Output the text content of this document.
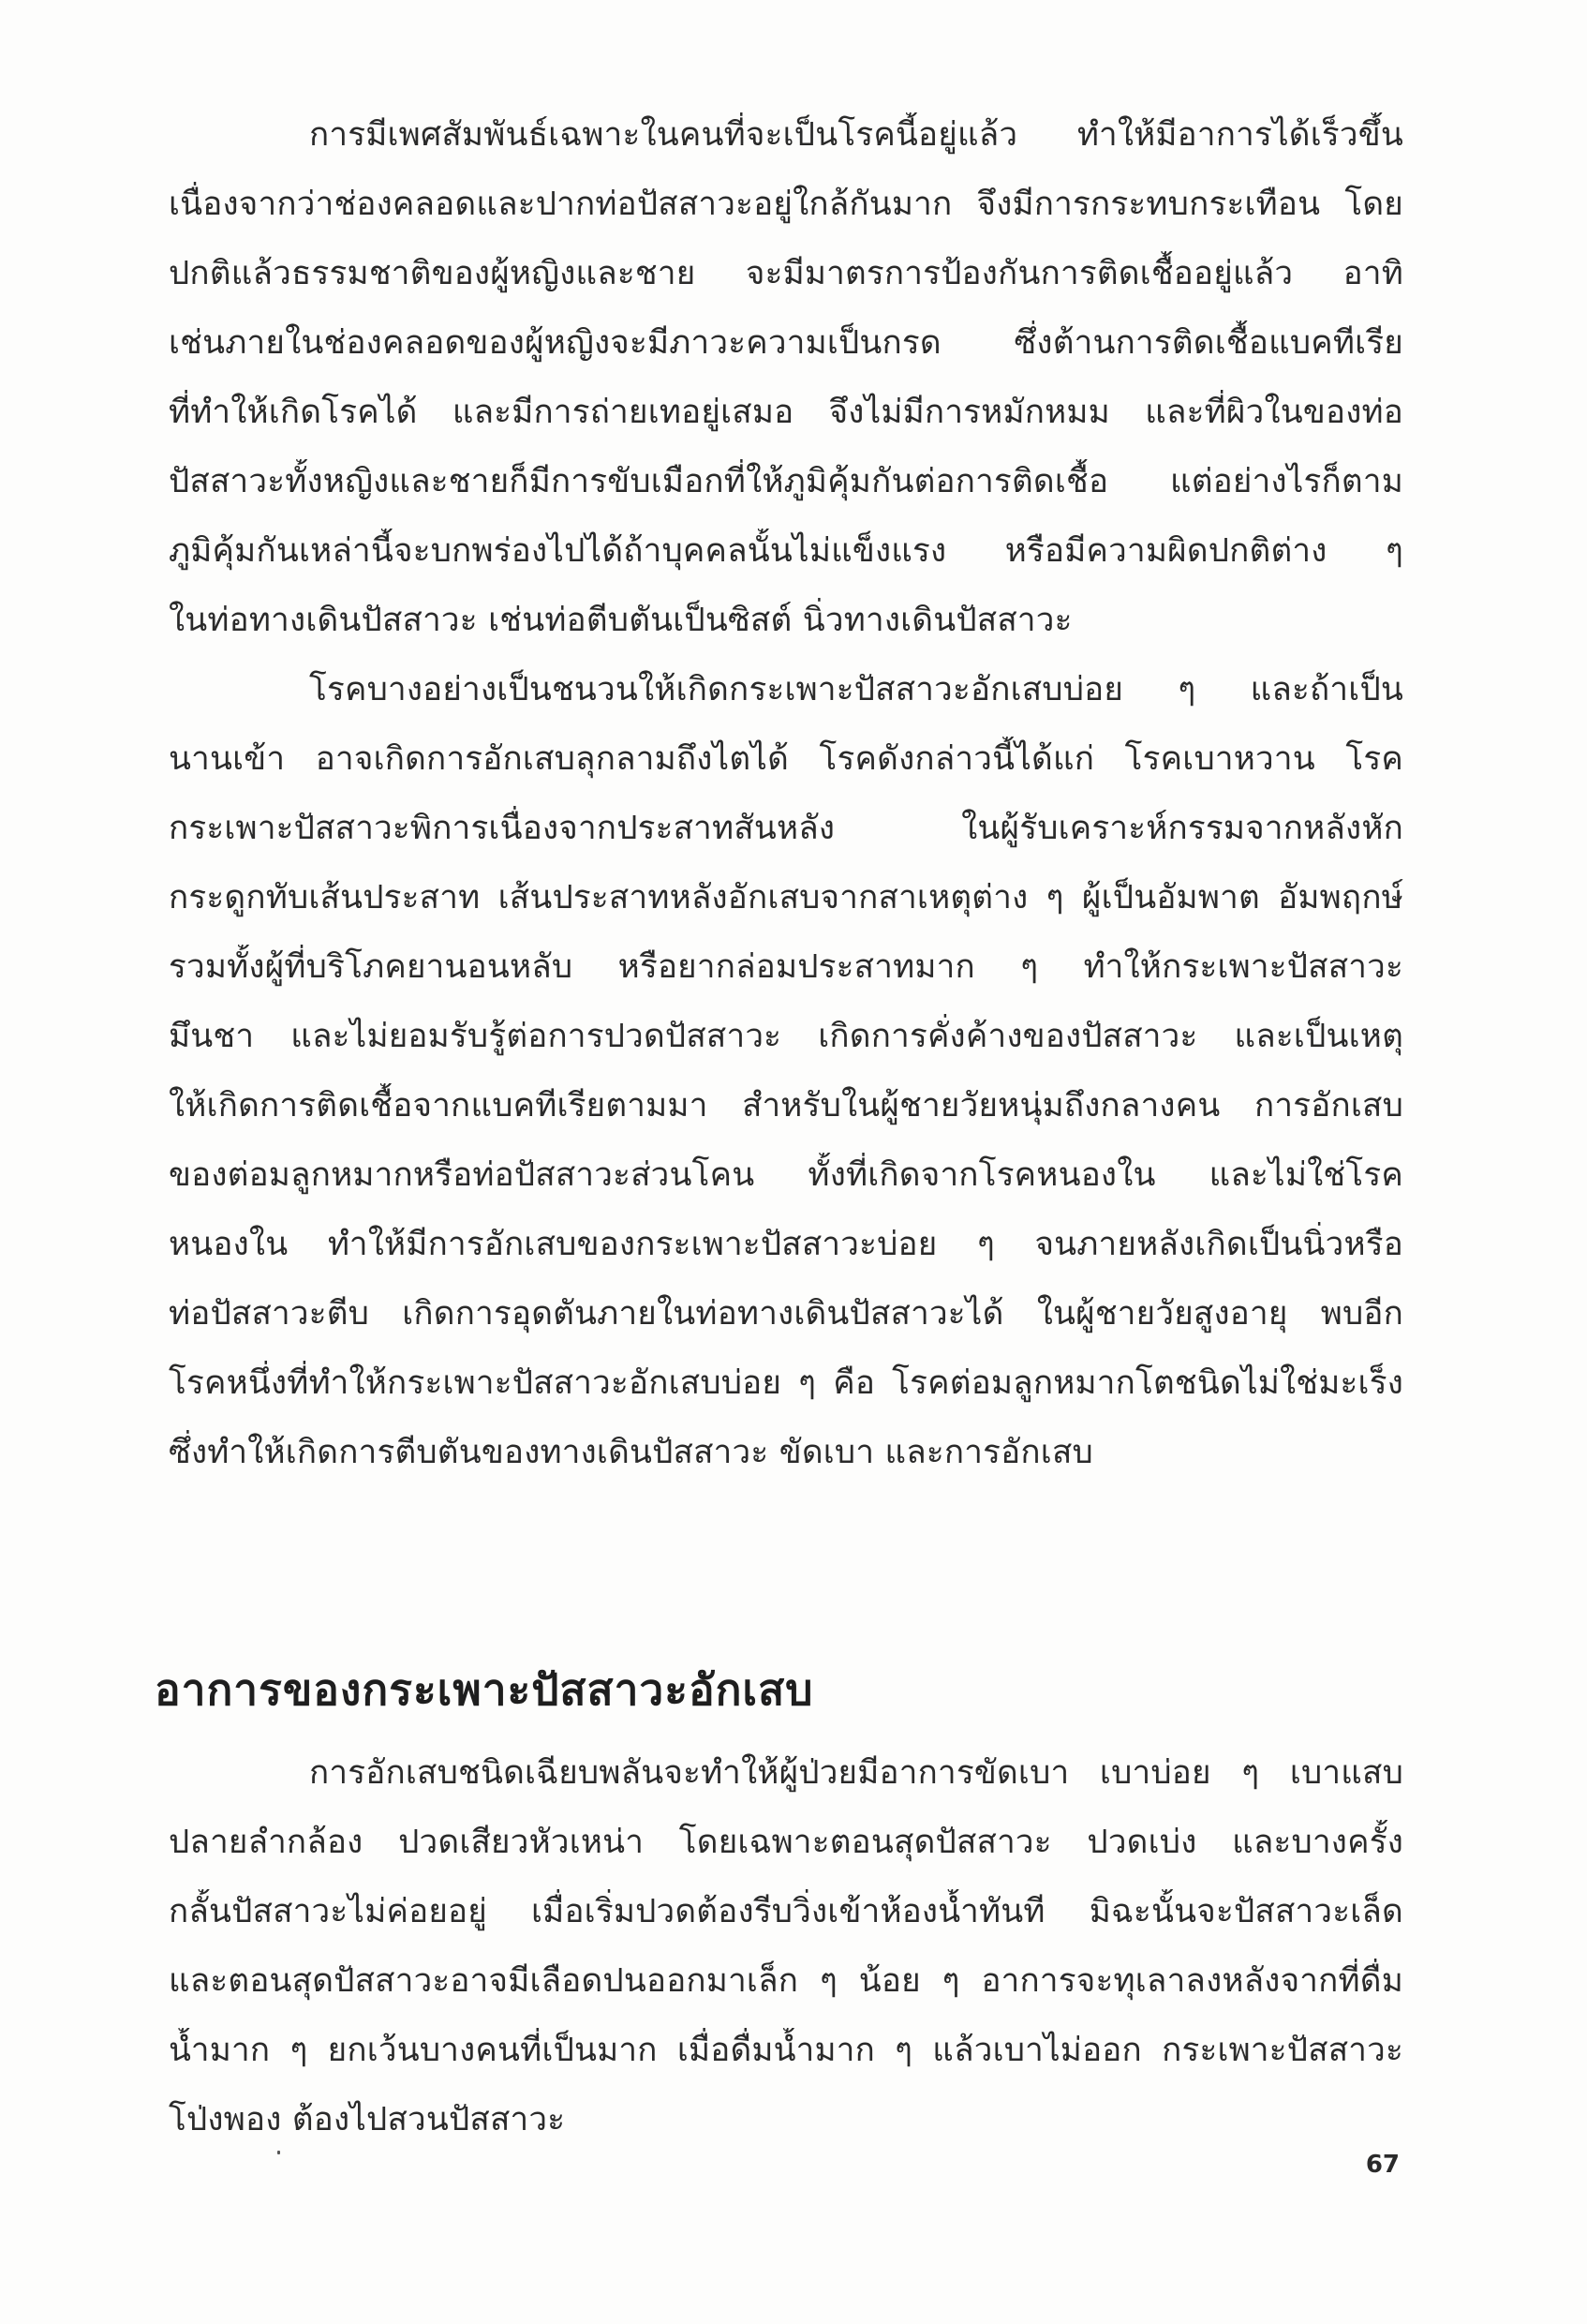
การมีเพศสัมพันธ์เฉพาะในคนที่จะเป็นโรคนี้อยู่แล้ว ทำให้มีอาการได้เร็วขึ้น
เนื่องจากว่าช่องคลอดและปากท่อปัสสาวะอยู่ใกล้กันมาก จึงมีการกระทบกระเทือน โดย
ปกติแล้วธรรมชาติของผู้หญิงและชาย จะมีมาตรการป้องกันการติดเชื้ออยู่แล้ว อาทิ
เช่นภายในช่องคลอดของผู้หญิงจะมีภาวะความเป็นกรด ซึ่งต้านการติดเชื้อแบคทีเรีย
ที่ทำให้เกิดโรคได้ และมีการถ่ายเทอยู่เสมอ จึงไม่มีการหมักหมม และที่ผิวในของท่อ
ปัสสาวะทั้งหญิงและชายก็มีการขับเมือกที่ให้ภูมิคุ้มกันต่อการติดเชื้อ แต่อย่างไรก็ตาม
ภูมิคุ้มกันเหล่านี้จะบกพร่องไปได้ถ้าบุคคลนั้นไม่แข็งแรง หรือมีความผิดปกติต่าง ๆ
ในท่อทางเดินปัสสาวะ เช่นท่อตีบตันเป็นซิสต์ นิ่วทางเดินปัสสาวะ
โรคบางอย่างเป็นชนวนให้เกิดกระเพาะปัสสาวะอักเสบบ่อย ๆ และถ้าเป็น
นานเข้า อาจเกิดการอักเสบลุกลามถึงไตได้ โรคดังกล่าวนี้ได้แก่ โรคเบาหวาน โรค
กระเพาะปัสสาวะพิการเนื่องจากประสาทสันหลัง ในผู้รับเคราะห์กรรมจากหลังหัก
กระดูกทับเส้นประสาท เส้นประสาทหลังอักเสบจากสาเหตุต่าง ๆ ผู้เป็นอัมพาต อัมพฤกษ์
รวมทั้งผู้ที่บริโภคยานอนหลับ หรือยากล่อมประสาทมาก ๆ ทำให้กระเพาะปัสสาวะ
มึนชา และไม่ยอมรับรู้ต่อการปวดปัสสาวะ เกิดการคั่งค้างของปัสสาวะ และเป็นเหตุ
ให้เกิดการติดเชื้อจากแบคทีเรียตามมา สำหรับในผู้ชายวัยหนุ่มถึงกลางคน การอักเสบ
ของต่อมลูกหมากหรือท่อปัสสาวะส่วนโคน ทั้งที่เกิดจากโรคหนองใน และไม่ใช่โรค
หนองใน ทำให้มีการอักเสบของกระเพาะปัสสาวะบ่อย ๆ จนภายหลังเกิดเป็นนิ่วหรือ
ท่อปัสสาวะตีบ เกิดการอุดตันภายในท่อทางเดินปัสสาวะได้ ในผู้ชายวัยสูงอายุ พบอีก
โรคหนึ่งที่ทำให้กระเพาะปัสสาวะอักเสบบ่อย ๆ คือ โรคต่อมลูกหมากโตชนิดไม่ใช่มะเร็ง
ซึ่งทำให้เกิดการตีบตันของทางเดินปัสสาวะ ขัดเบา และการอักเสบ
อาการของกระเพาะปัสสาวะอักเสบ
การอักเสบชนิดเฉียบพลันจะทำให้ผู้ป่วยมีอาการขัดเบา เบาบ่อย ๆ เบาแสบ
ปลายลำกล้อง ปวดเสียวหัวเหน่า โดยเฉพาะตอนสุดปัสสาวะ ปวดเบ่ง และบางครั้ง
กลั้นปัสสาวะไม่ค่อยอยู่ เมื่อเริ่มปวดต้องรีบวิ่งเข้าห้องน้ำทันที มิฉะนั้นจะปัสสาวะเล็ด
และตอนสุดปัสสาวะอาจมีเลือดปนออกมาเล็ก ๆ น้อย ๆ อาการจะทุเลาลงหลังจากที่ดื่ม
น้ำมาก ๆ ยกเว้นบางคนที่เป็นมาก เมื่อดื่มน้ำมาก ๆ แล้วเบาไม่ออก กระเพาะปัสสาวะ
โป่งพอง ต้องไปสวนปัสสาวะ
67
